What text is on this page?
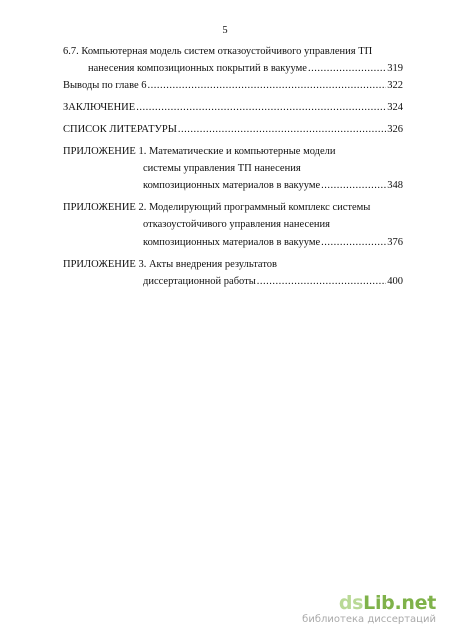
5
6.7. Компьютерная модель систем отказоустойчивого управления ТП
нанесения композиционных покрытий в вакууме .....	319
Выводы по главе 6 .....	322
ЗАКЛЮЧЕНИЕ .....	324
СПИСОК ЛИТЕРАТУРЫ .....	326
ПРИЛОЖЕНИЕ 1. Математические и компьютерные модели
системы управления ТП нанесения
композиционных материалов в вакууме .....	348
ПРИЛОЖЕНИЕ 2. Моделирующий программный комплекс системы
отказоустойчивого управления нанесения
композиционных материалов в вакууме .....	376
ПРИЛОЖЕНИЕ 3. Акты внедрения результатов
диссертационной работы .....	400
dsLib.net
библиотека диссертаций
